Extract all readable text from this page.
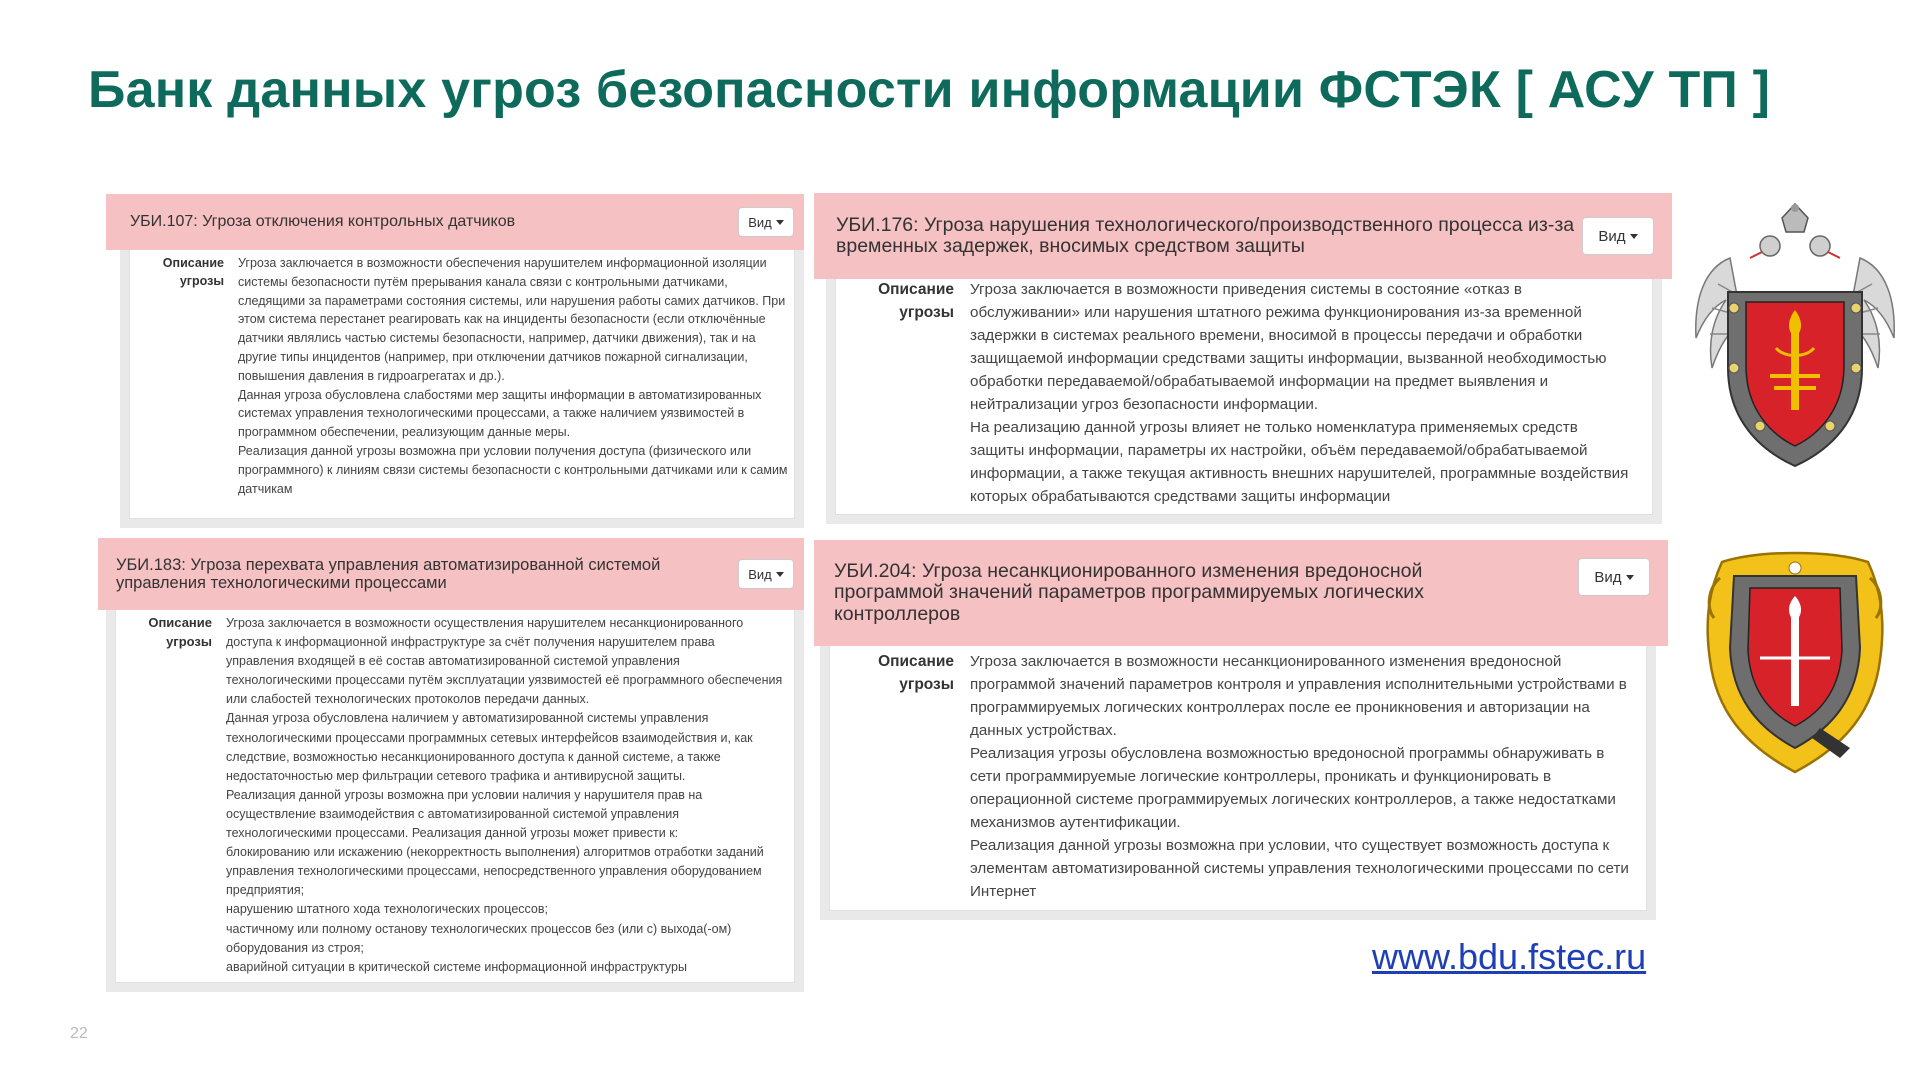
Банк данных угроз безопасности информации ФСТЭК [ АСУ ТП ]
УБИ.107: Угроза отключения контрольных датчиков	Вид
Описание
угрозы

Угроза заключается в возможности обеспечения нарушителем информационной изоляции системы безопасности путём прерывания канала связи с контрольными датчиками, следящими за параметрами состояния системы, или нарушения работы самих датчиков. При этом система перестанет реагировать как на инциденты безопасности (если отключённые датчики являлись частью системы безопасности, например, датчики движения), так и на другие типы инцидентов (например, при отключении датчиков пожарной сигнализации, повышения давления в гидроагрегатах и др.).

Данная угроза обусловлена слабостями мер защиты информации в автоматизированных системах управления технологическими процессами, а также наличием уязвимостей в программном обеспечении, реализующим данные меры.

Реализация данной угрозы возможна при условии получения доступа (физического или программного) к линиям связи системы безопасности с контрольными датчиками или к самим датчикам

УБИ.176: Угроза нарушения технологического/производственного процесса из-за временных задержек, вносимых средством защиты	Вид
Описание
угрозы

Угроза заключается в возможности приведения системы в состояние «отказ в обслуживании» или нарушения штатного режима функционирования из-за временной задержки в системах реального времени, вносимой в процессы передачи и обработки защищаемой информации средствами защиты информации, вызванной необходимостью обработки передаваемой/обрабатываемой информации на предмет выявления и нейтрализации угроз безопасности информации.

На реализацию данной угрозы влияет не только номенклатура применяемых средств защиты информации, параметры их настройки, объём передаваемой/обрабатываемой информации, а также текущая активность внешних нарушителей, программные воздействия которых обрабатываются средствами защиты информации

УБИ.183: Угроза перехвата управления автоматизированной системой управления технологическими процессами	Вид
Описание
угрозы

Угроза заключается в возможности осуществления нарушителем несанкционированного доступа к информационной инфраструктуре за счёт получения нарушителем права управления входящей в её состав автоматизированной системой управления технологическими процессами путём эксплуатации уязвимостей её программного обеспечения или слабостей технологических протоколов передачи данных.

Данная угроза обусловлена наличием у автоматизированной системы управления технологическими процессами программных сетевых интерфейсов взаимодействия и, как следствие, возможностью несанкционированного доступа к данной системе, а также недостаточностью мер фильтрации сетевого трафика и антивирусной защиты.

Реализация данной угрозы возможна при условии наличия у нарушителя прав на осуществление взаимодействия с автоматизированной системой управления технологическими процессами. Реализация данной угрозы может привести к:

блокированию или искажению (некорректность выполнения) алгоритмов отработки заданий управления технологическими процессами, непосредственного управления оборудованием предприятия;

нарушению штатного хода технологических процессов;

частичному или полному останову технологических процессов без (или с) выхода(-ом) оборудования из строя;

аварийной ситуации в критической системе информационной инфраструктуры

УБИ.204: Угроза несанкционированного изменения вредоносной программой значений параметров программируемых логических контроллеров
Вид
Описание
угрозы

Угроза заключается в возможности несанкционированного изменения вредоносной программой значений параметров контроля и управления исполнительными устройствами в программируемых логических контроллерах после ее проникновения и авторизации на данных устройствах.

Реализация угрозы обусловлена возможностью вредоносной программы обнаруживать в сети программируемые логические контроллеры, проникать и функционировать в операционной системе программируемых логических контроллеров, а также недостатками механизмов аутентификации.

Реализация данной угрозы возможна при условии, что существует возможность доступа к элементам автоматизированной системы управления технологическими процессами по сети Интернет

www.bdu.fstec.ru
22
